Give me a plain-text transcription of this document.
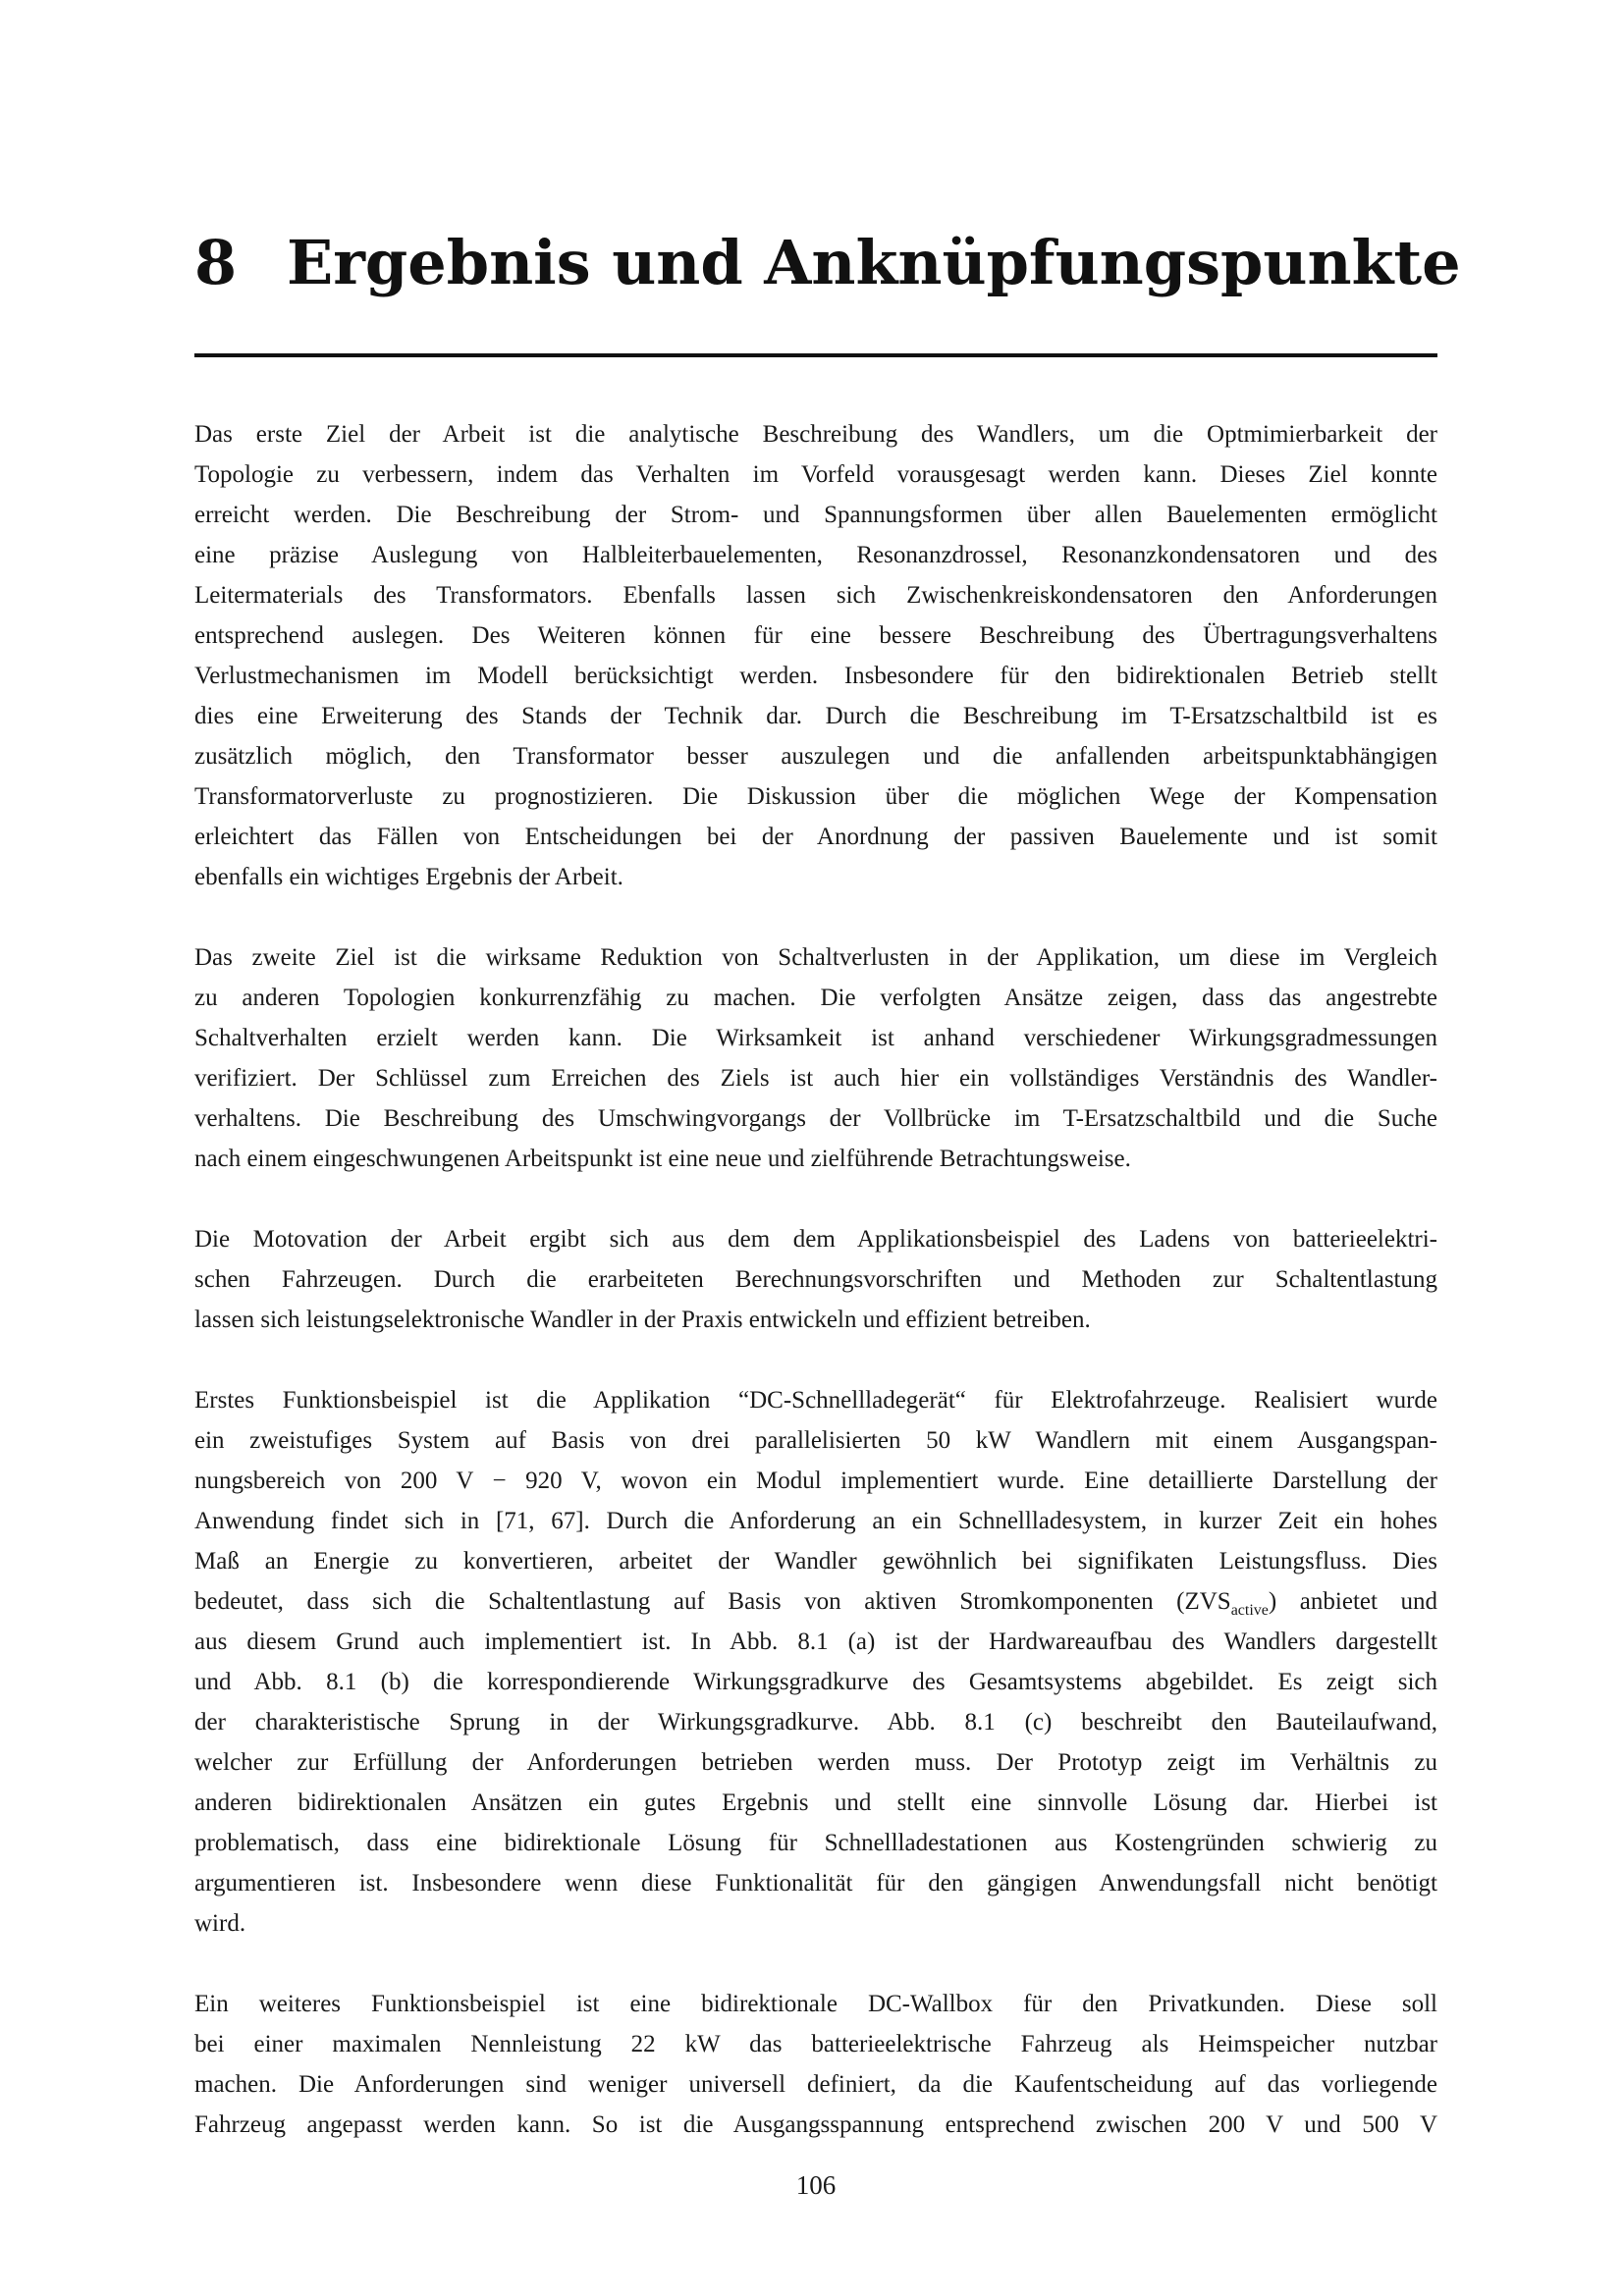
8 Ergebnis und Anknüpfungspunkte

Das erste Ziel der Arbeit ist die analytische Beschreibung des Wandlers, um die Optmimierbarkeit der
Topologie zu verbessern, indem das Verhalten im Vorfeld vorausgesagt werden kann. Dieses Ziel konnte
erreicht werden. Die Beschreibung der Strom- und Spannungsformen über allen Bauelementen ermöglicht
eine präzise Auslegung von Halbleiterbauelementen, Resonanzdrossel, Resonanzkondensatoren und des
Leitermaterials des Transformators. Ebenfalls lassen sich Zwischenkreiskondensatoren den Anforderungen
entsprechend auslegen. Des Weiteren können für eine bessere Beschreibung des Übertragungsverhaltens
Verlustmechanismen im Modell berücksichtigt werden. Insbesondere für den bidirektionalen Betrieb stellt
dies eine Erweiterung des Stands der Technik dar. Durch die Beschreibung im T-Ersatzschaltbild ist es
zusätzlich möglich, den Transformator besser auszulegen und die anfallenden arbeitspunktabhängigen
Transformatorverluste zu prognostizieren. Die Diskussion über die möglichen Wege der Kompensation
erleichtert das Fällen von Entscheidungen bei der Anordnung der passiven Bauelemente und ist somit
ebenfalls ein wichtiges Ergebnis der Arbeit.

Das zweite Ziel ist die wirksame Reduktion von Schaltverlusten in der Applikation, um diese im Vergleich
zu anderen Topologien konkurrenzfähig zu machen. Die verfolgten Ansätze zeigen, dass das angestrebte
Schaltverhalten erzielt werden kann. Die Wirksamkeit ist anhand verschiedener Wirkungsgradmessungen
verifiziert. Der Schlüssel zum Erreichen des Ziels ist auch hier ein vollständiges Verständnis des Wandler-
verhaltens. Die Beschreibung des Umschwingvorgangs der Vollbrücke im T-Ersatzschaltbild und die Suche
nach einem eingeschwungenen Arbeitspunkt ist eine neue und zielführende Betrachtungsweise.

Die Motovation der Arbeit ergibt sich aus dem dem Applikationsbeispiel des Ladens von batterieelektri-
schen Fahrzeugen. Durch die erarbeiteten Berechnungsvorschriften und Methoden zur Schaltentlastung
lassen sich leistungselektronische Wandler in der Praxis entwickeln und effizient betreiben.

Erstes Funktionsbeispiel ist die Applikation “DC-Schnellladegerät“ für Elektrofahrzeuge. Realisiert wurde
ein zweistufiges System auf Basis von drei parallelisierten 50 kW Wandlern mit einem Ausgangspan-
nungsbereich von 200 V − 920 V, wovon ein Modul implementiert wurde. Eine detaillierte Darstellung der
Anwendung findet sich in [71, 67]. Durch die Anforderung an ein Schnellladesystem, in kurzer Zeit ein hohes
Maß an Energie zu konvertieren, arbeitet der Wandler gewöhnlich bei signifikaten Leistungsfluss. Dies
bedeutet, dass sich die Schaltentlastung auf Basis von aktiven Stromkomponenten $(ZVS_{active})$ anbietet und
aus diesem Grund auch implementiert ist. In Abb. 8.1 (a) ist der Hardwareaufbau des Wandlers dargestellt
und Abb. 8.1 (b) die korrespondierende Wirkungsgradkurve des Gesamtsystems abgebildet. Es zeigt sich
der charakteristische Sprung in der Wirkungsgradkurve. Abb. 8.1 (c) beschreibt den Bauteilaufwand,
welcher zur Erfüllung der Anforderungen betrieben werden muss. Der Prototyp zeigt im Verhältnis zu
anderen bidirektionalen Ansätzen ein gutes Ergebnis und stellt eine sinnvolle Lösung dar. Hierbei ist
problematisch, dass eine bidirektionale Lösung für Schnellladestationen aus Kostengründen schwierig zu
argumentieren ist. Insbesondere wenn diese Funktionalität für den gängigen Anwendungsfall nicht benötigt
wird.

Ein weiteres Funktionsbeispiel ist eine bidirektionale DC-Wallbox für den Privatkunden. Diese soll
bei einer maximalen Nennleistung 22 kW das batterieelektrische Fahrzeug als Heimspeicher nutzbar
machen. Die Anforderungen sind weniger universell definiert, da die Kaufentscheidung auf das vorliegende
Fahrzeug angepasst werden kann. So ist die Ausgangsspannung entsprechend zwischen 200 V und 500 V

106
